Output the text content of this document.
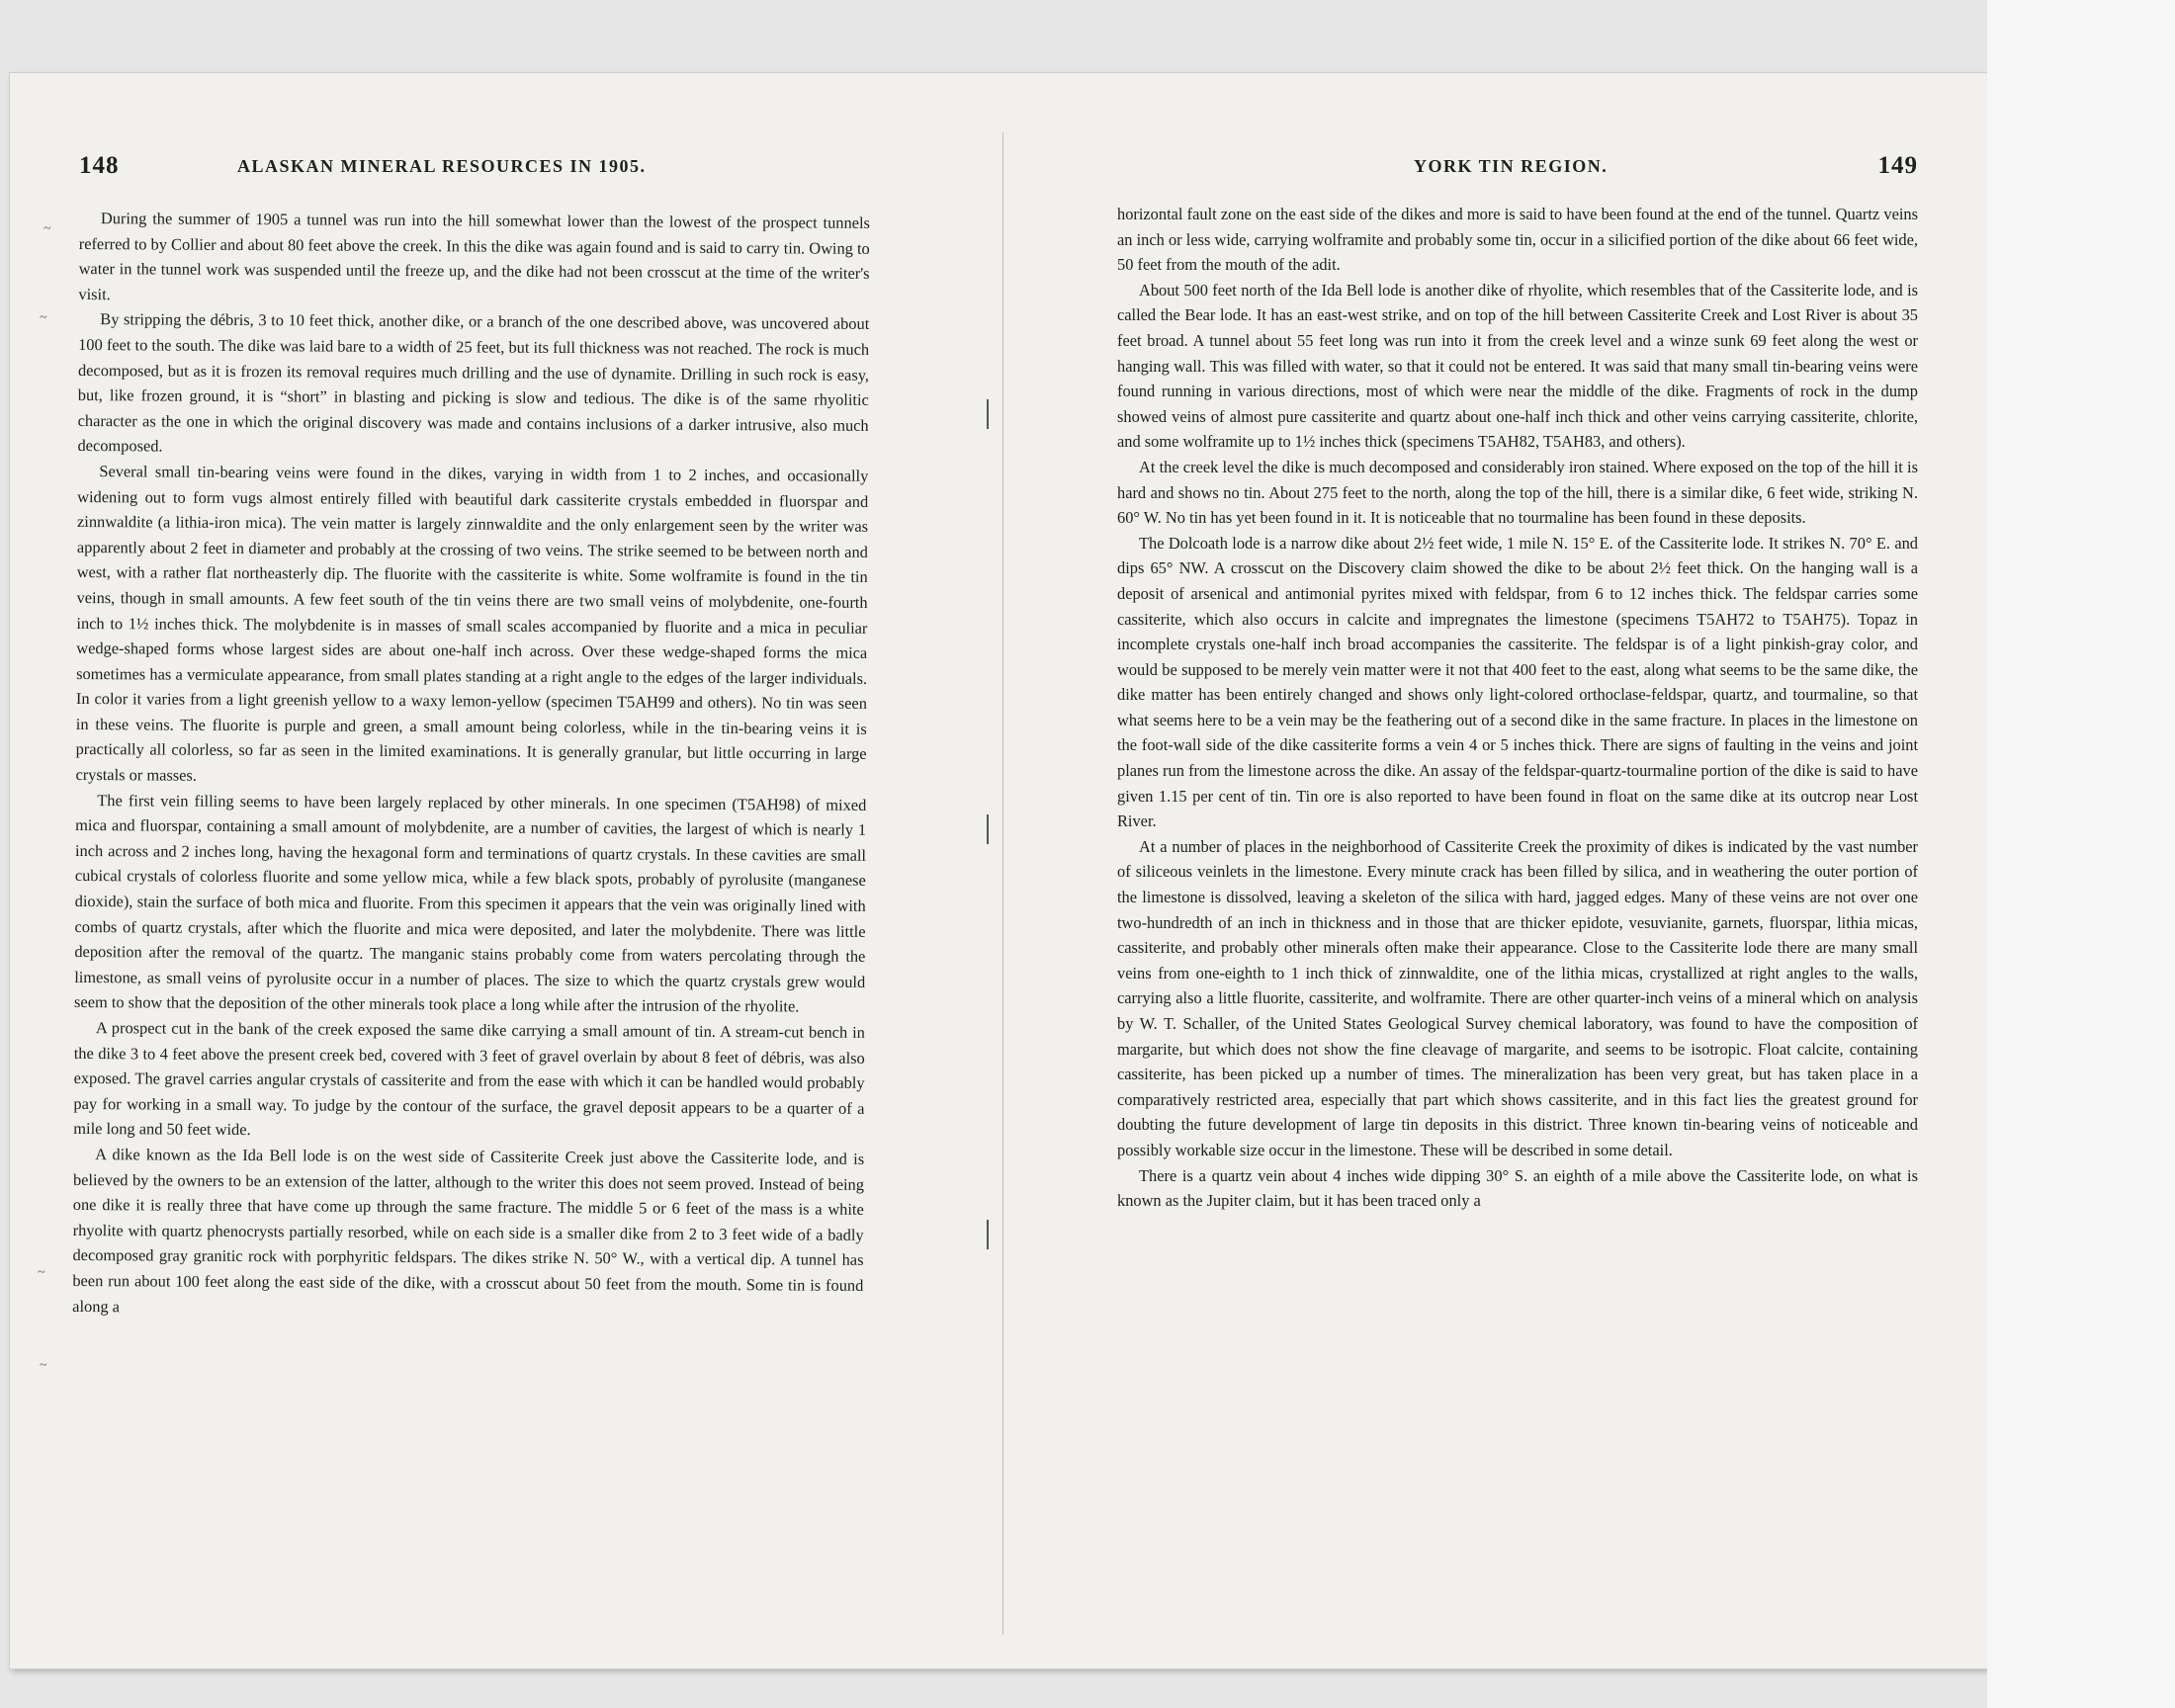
148	ALASKAN MINERAL RESOURCES IN 1905.

During the summer of 1905 a tunnel was run into the hill somewhat lower than the lowest of the prospect tunnels referred to by Collier and about 80 feet above the creek. In this the dike was again found and is said to carry tin. Owing to water in the tunnel work was suspended until the freeze up, and the dike had not been crosscut at the time of the writer's visit.

By stripping the débris, 3 to 10 feet thick, another dike, or a branch of the one described above, was uncovered about 100 feet to the south. The dike was laid bare to a width of 25 feet, but its full thickness was not reached. The rock is much decomposed, but as it is frozen its removal requires much drilling and the use of dynamite. Drilling in such rock is easy, but, like frozen ground, it is “short” in blasting and picking is slow and tedious. The dike is of the same rhyolitic character as the one in which the original discovery was made and contains inclusions of a darker intrusive, also much decomposed.

Several small tin-bearing veins were found in the dikes, varying in width from 1 to 2 inches, and occasionally widening out to form vugs almost entirely filled with beautiful dark cassiterite crystals embedded in fluorspar and zinnwaldite (a lithia-iron mica). The vein matter is largely zinnwaldite and the only enlargement seen by the writer was apparently about 2 feet in diameter and probably at the crossing of two veins. The strike seemed to be between north and west, with a rather flat northeasterly dip. The fluorite with the cassiterite is white. Some wolframite is found in the tin veins, though in small amounts. A few feet south of the tin veins there are two small veins of molybdenite, one-fourth inch to 1½ inches thick. The molybdenite is in masses of small scales accompanied by fluorite and a mica in peculiar wedge-shaped forms whose largest sides are about one-half inch across. Over these wedge-shaped forms the mica sometimes has a vermiculate appearance, from small plates standing at a right angle to the edges of the larger individuals. In color it varies from a light greenish yellow to a waxy lemon-yellow (specimen T5AH99 and others). No tin was seen in these veins. The fluorite is purple and green, a small amount being colorless, while in the tin-bearing veins it is practically all colorless, so far as seen in the limited examinations. It is generally granular, but little occurring in large crystals or masses.

The first vein filling seems to have been largely replaced by other minerals. In one specimen (T5AH98) of mixed mica and fluorspar, containing a small amount of molybdenite, are a number of cavities, the largest of which is nearly 1 inch across and 2 inches long, having the hexagonal form and terminations of quartz crystals. In these cavities are small cubical crystals of colorless fluorite and some yellow mica, while a few black spots, probably of pyrolusite (manganese dioxide), stain the surface of both mica and fluorite. From this specimen it appears that the vein was originally lined with combs of quartz crystals, after which the fluorite and mica were deposited, and later the molybdenite. There was little deposition after the removal of the quartz. The manganic stains probably come from waters percolating through the limestone, as small veins of pyrolusite occur in a number of places. The size to which the quartz crystals grew would seem to show that the deposition of the other minerals took place a long while after the intrusion of the rhyolite.

A prospect cut in the bank of the creek exposed the same dike carrying a small amount of tin. A stream-cut bench in the dike 3 to 4 feet above the present creek bed, covered with 3 feet of gravel overlain by about 8 feet of débris, was also exposed. The gravel carries angular crystals of cassiterite and from the ease with which it can be handled would probably pay for working in a small way. To judge by the contour of the surface, the gravel deposit appears to be a quarter of a mile long and 50 feet wide.

A dike known as the Ida Bell lode is on the west side of Cassiterite Creek just above the Cassiterite lode, and is believed by the owners to be an extension of the latter, although to the writer this does not seem proved. Instead of being one dike it is really three that have come up through the same fracture. The middle 5 or 6 feet of the mass is a white rhyolite with quartz phenocrysts partially resorbed, while on each side is a smaller dike from 2 to 3 feet wide of a badly decomposed gray granitic rock with porphyritic feldspars. The dikes strike N. 50° W., with a vertical dip. A tunnel has been run about 100 feet along the east side of the dike, with a crosscut about 50 feet from the mouth. Some tin is found along a

~
~
~
~
YORK TIN REGION.	149

horizontal fault zone on the east side of the dikes and more is said to have been found at the end of the tunnel. Quartz veins an inch or less wide, carrying wolframite and probably some tin, occur in a silicified portion of the dike about 66 feet wide, 50 feet from the mouth of the adit.

About 500 feet north of the Ida Bell lode is another dike of rhyolite, which resembles that of the Cassiterite lode, and is called the Bear lode. It has an east-west strike, and on top of the hill between Cassiterite Creek and Lost River is about 35 feet broad. A tunnel about 55 feet long was run into it from the creek level and a winze sunk 69 feet along the west or hanging wall. This was filled with water, so that it could not be entered. It was said that many small tin-bearing veins were found running in various directions, most of which were near the middle of the dike. Fragments of rock in the dump showed veins of almost pure cassiterite and quartz about one-half inch thick and other veins carrying cassiterite, chlorite, and some wolframite up to 1½ inches thick (specimens T5AH82, T5AH83, and others).

At the creek level the dike is much decomposed and considerably iron stained. Where exposed on the top of the hill it is hard and shows no tin. About 275 feet to the north, along the top of the hill, there is a similar dike, 6 feet wide, striking N. 60° W. No tin has yet been found in it. It is noticeable that no tourmaline has been found in these deposits.

The Dolcoath lode is a narrow dike about 2½ feet wide, 1 mile N. 15° E. of the Cassiterite lode. It strikes N. 70° E. and dips 65° NW. A crosscut on the Discovery claim showed the dike to be about 2½ feet thick. On the hanging wall is a deposit of arsenical and antimonial pyrites mixed with feldspar, from 6 to 12 inches thick. The feldspar carries some cassiterite, which also occurs in calcite and impregnates the limestone (specimens T5AH72 to T5AH75). Topaz in incomplete crystals one-half inch broad accompanies the cassiterite. The feldspar is of a light pinkish-gray color, and would be supposed to be merely vein matter were it not that 400 feet to the east, along what seems to be the same dike, the dike matter has been entirely changed and shows only light-colored orthoclase-feldspar, quartz, and tourmaline, so that what seems here to be a vein may be the feathering out of a second dike in the same fracture. In places in the limestone on the foot-wall side of the dike cassiterite forms a vein 4 or 5 inches thick. There are signs of faulting in the veins and joint planes run from the limestone across the dike. An assay of the feldspar-quartz-tourmaline portion of the dike is said to have given 1.15 per cent of tin. Tin ore is also reported to have been found in float on the same dike at its outcrop near Lost River.

At a number of places in the neighborhood of Cassiterite Creek the proximity of dikes is indicated by the vast number of siliceous veinlets in the limestone. Every minute crack has been filled by silica, and in weathering the outer portion of the limestone is dissolved, leaving a skeleton of the silica with hard, jagged edges. Many of these veins are not over one two-hundredth of an inch in thickness and in those that are thicker epidote, vesuvianite, garnets, fluorspar, lithia micas, cassiterite, and probably other minerals often make their appearance. Close to the Cassiterite lode there are many small veins from one-eighth to 1 inch thick of zinnwaldite, one of the lithia micas, crystallized at right angles to the walls, carrying also a little fluorite, cassiterite, and wolframite. There are other quarter-inch veins of a mineral which on analysis by W. T. Schaller, of the United States Geological Survey chemical laboratory, was found to have the composition of margarite, but which does not show the fine cleavage of margarite, and seems to be isotropic. Float calcite, containing cassiterite, has been picked up a number of times. The mineralization has been very great, but has taken place in a comparatively restricted area, especially that part which shows cassiterite, and in this fact lies the greatest ground for doubting the future development of large tin deposits in this district. Three known tin-bearing veins of noticeable and possibly workable size occur in the limestone. These will be described in some detail.

There is a quartz vein about 4 inches wide dipping 30° S. an eighth of a mile above the Cassiterite lode, on what is known as the Jupiter claim, but it has been traced only a
